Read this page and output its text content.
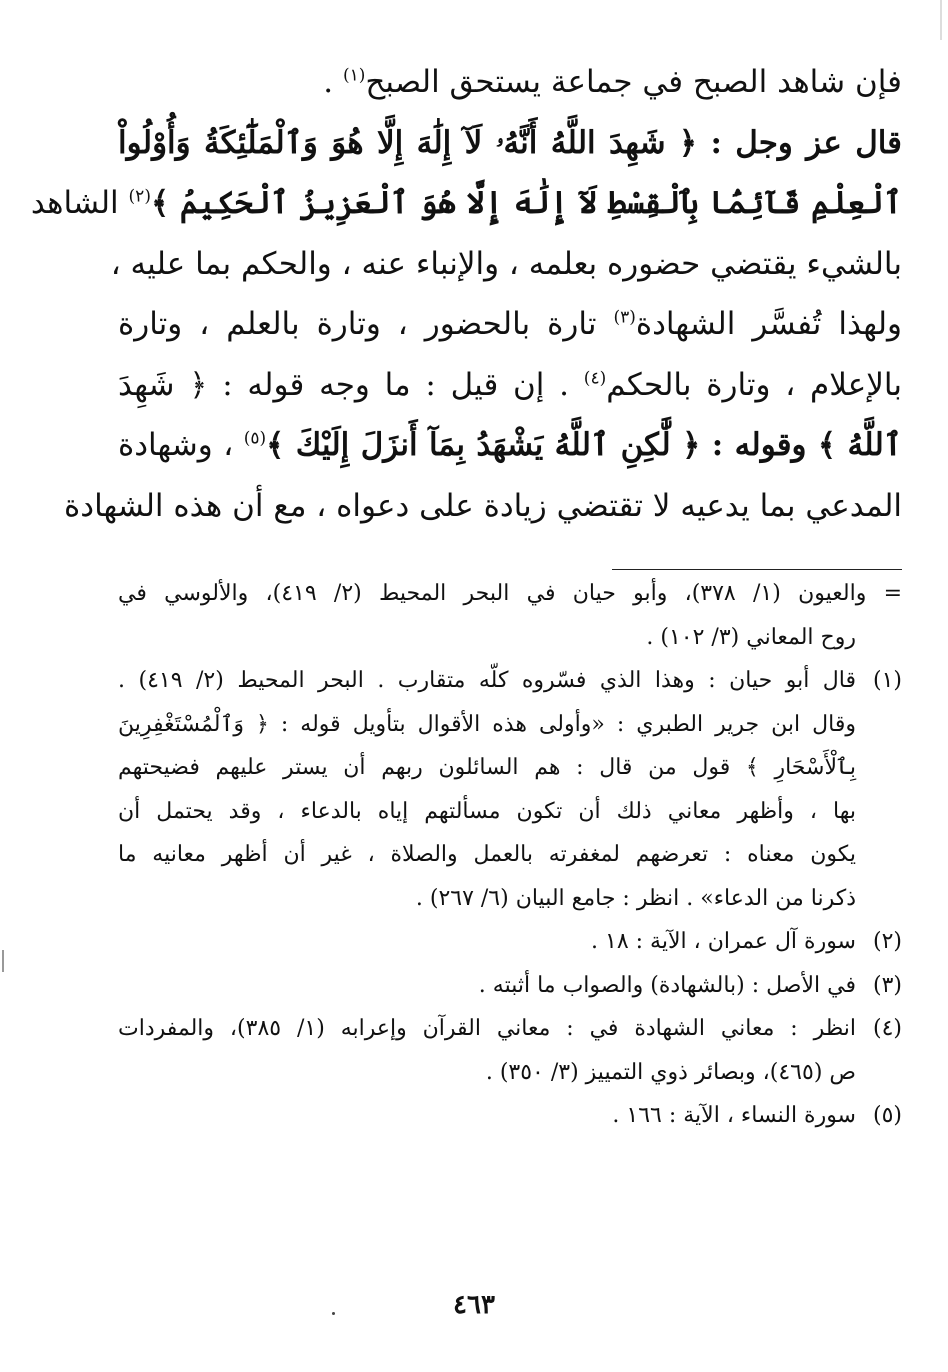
فإن شاهد الصبح في جماعة يستحق الصبح$^{(١)}$ .
قال عز وجل : ﴿ شَهِدَ اللَّهُ أَنَّهُۥ لَآ إِلَٰهَ إِلَّا هُوَ وَٱلْمَلَٰٓئِكَةُ وَأُوْلُواْ
ٱلْعِلْمِ قَآئِمَۢا بِٱلْقِسْطِ لَآ إِلَٰهَ إِلَّا هُوَ ٱلْعَزِيزُ ٱلْحَكِيمُ ﴾$^{(٢)}$ الشاهد
بالشيء يقتضي حضوره بعلمه ، والإنباء عنه ، والحكم بما عليه ،
ولهذا تُفسَّر الشهادة$^{(٣)}$ تارة بالحضور ، وتارة بالعلم ، وتارة
بالإعلام ، وتارة بالحكم$^{(٤)}$ . إن قيل : ما وجه قوله : ﴿ شَهِدَ
ٱللَّهُ ﴾ وقوله : ﴿ لَّٰكِنِ ٱللَّهُ يَشْهَدُ بِمَآ أَنزَلَ إِلَيْكَ ﴾$^{(٥)}$ ، وشهادة
المدعي بما يدعيه لا تقتضي زيادة على دعواه ، مع أن هذه الشهادة
= والعيون (١/ ٣٧٨)، وأبو حيان في البحر المحيط (٢/ ٤١٩)، والألوسي في
روح المعاني (٣/ ١٠٢) .
(١)قال أبو حيان : وهذا الذي فسّروه كلّه متقارب . البحر المحيط (٢/ ٤١٩) .
وقال ابن جرير الطبري : «وأولى هذه الأقوال بتأويل قوله : ﴿ وَٱلْمُسْتَغْفِرِينَ
بِٱلْأَسْحَارِ ﴾ قول من قال : هم السائلون ربهم أن يستر عليهم فضيحتهم
بها ، وأظهر معاني ذلك أن تكون مسألتهم إياه بالدعاء ، وقد يحتمل أن
يكون معناه : تعرضهم لمغفرته بالعمل والصلاة ، غير أن أظهر معانيه ما
ذكرنا من الدعاء» . انظر : جامع البيان (٦/ ٢٦٧) .
(٢)سورة آل عمران ، الآية : ١٨ .
(٣)في الأصل : (بالشهادة) والصواب ما أثبته .
(٤)انظر : معاني الشهادة في : معاني القرآن وإعرابه (١/ ٣٨٥)، والمفردات
ص (٤٦٥)، وبصائر ذوي التمييز (٣/ ٣٥٠) .
(٥)سورة النساء ، الآية : ١٦٦ .
٤٦٣
